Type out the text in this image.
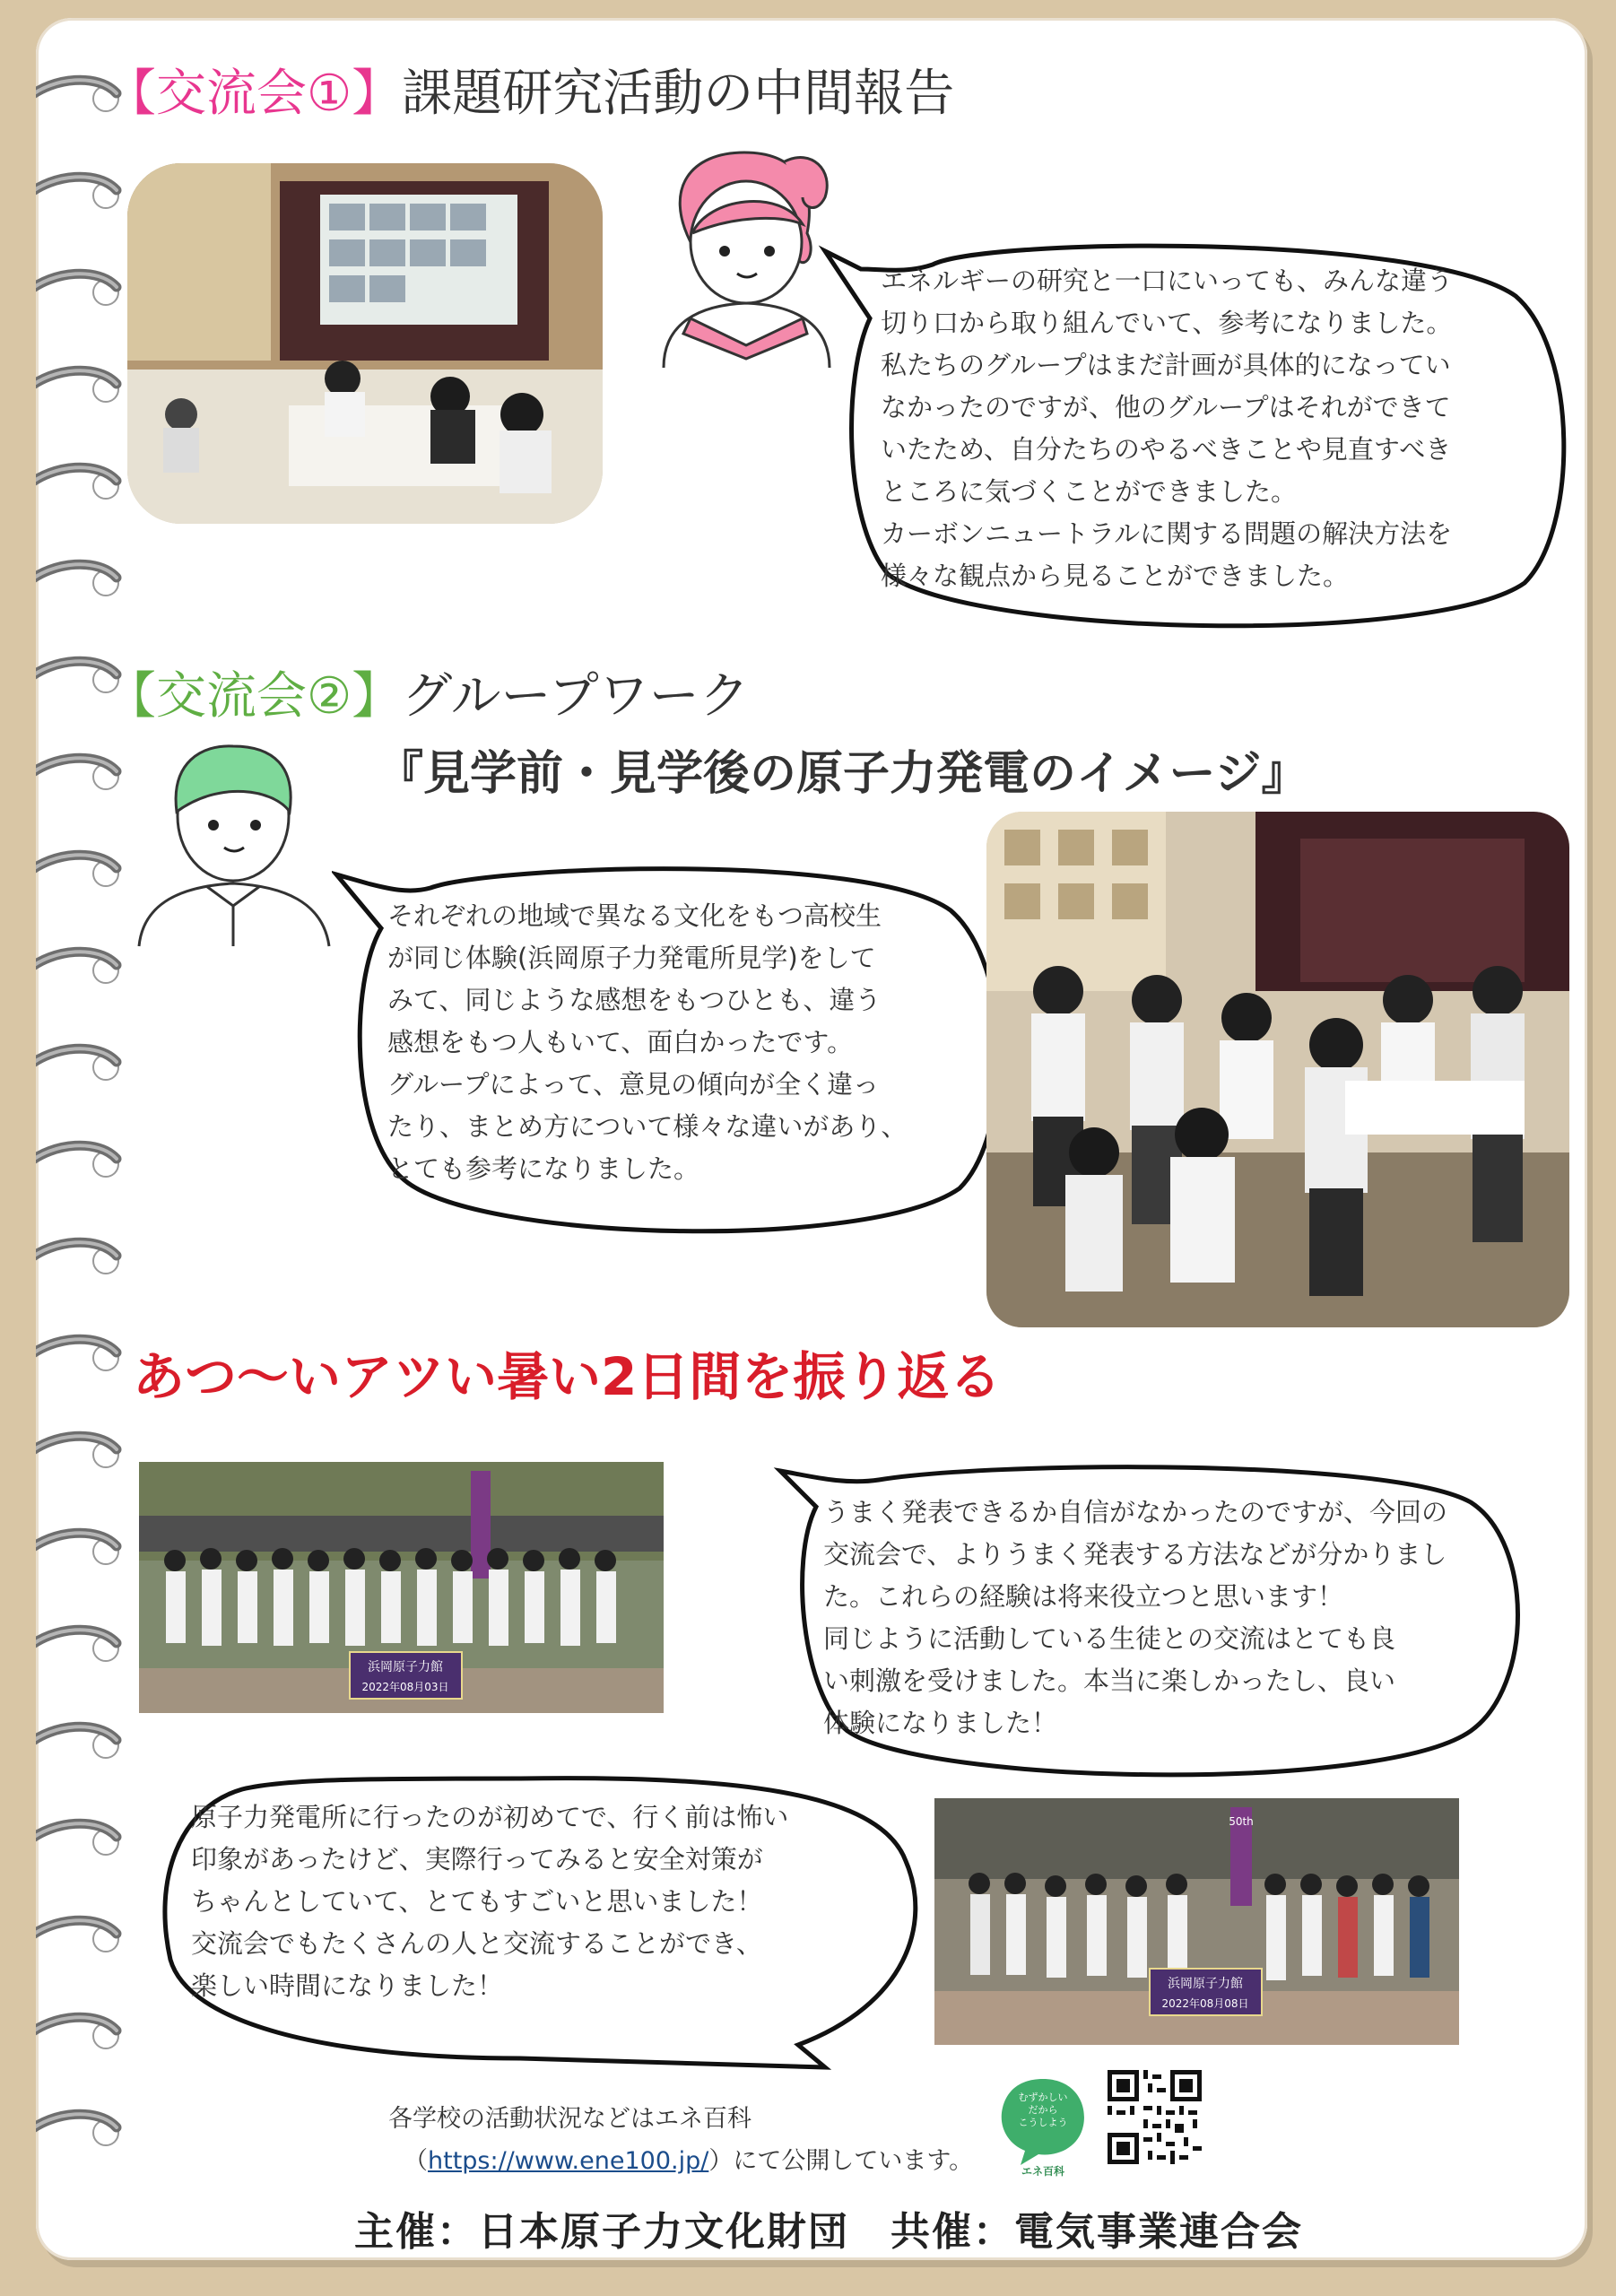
【交流会①】課題研究活動の中間報告
エネルギーの研究と一口にいっても、みんな違う
切り口から取り組んでいて、参考になりました。
私たちのグループはまだ計画が具体的になってい
なかったのですが、他のグループはそれができて
いたため、自分たちのやるべきことや見直すべき
ところに気づくことができました。
カーボンニュートラルに関する問題の解決方法を
様々な観点から見ることができました。
【交流会②】グループワーク
『見学前・見学後の原子力発電のイメージ』
それぞれの地域で異なる文化をもつ高校生
が同じ体験(浜岡原子力発電所見学)をして
みて、同じような感想をもつひとも、違う
感想をもつ人もいて、面白かったです。
グループによって、意見の傾向が全く違っ
たり、まとめ方について様々な違いがあり、
とても参考になりました。
あつ～いアツい暑い2日間を振り返る
浜岡原子力館
2022年08月03日
うまく発表できるか自信がなかったのですが、今回の
交流会で、よりうまく発表する方法などが分かりまし
た。これらの経験は将来役立つと思います！
同じように活動している生徒との交流はとても良
い刺激を受けました。本当に楽しかったし、良い
体験になりました！
原子力発電所に行ったのが初めてで、行く前は怖い
印象があったけど、実際行ってみると安全対策が
ちゃんとしていて、とてもすごいと思いました！
交流会でもたくさんの人と交流することができ、
楽しい時間になりました！	浜岡原子力館
2022年08月08日
50th
各学校の活動状況などはエネ百科
（https://www.ene100.jp/）にて公開しています。
むずかしい
だから
こうしよう
エネ百科
主催：日本原子力文化財団　共催：電気事業連合会
